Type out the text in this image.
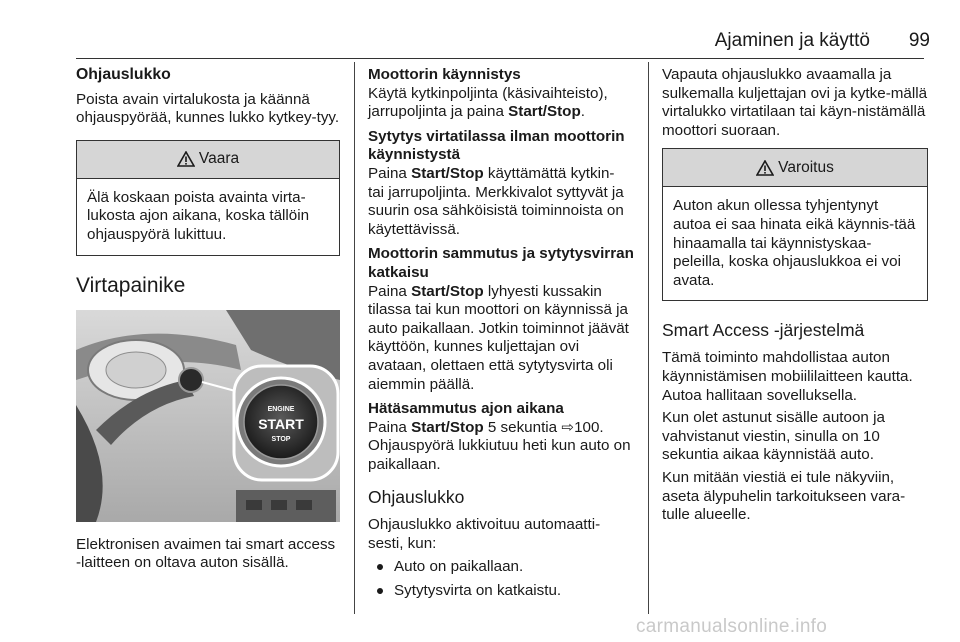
Ajaminen ja käyttö	99
Ohjauslukko

Poista avain virtalukosta ja käännä ohjauspyörää, kunnes lukko kytkey-tyy.

Vaara
Älä koskaan poista avainta virta-lukosta ajon aikana, koska tällöin ohjauspyörä lukittuu.
Virtapainike
ENGINE
START
STOP

Elektronisen avaimen tai smart access -laitteen on oltava auton sisällä.

Moottorin käynnistys

Käytä kytkinpoljinta (käsivaihteisto), jarrupoljinta ja paina Start/Stop.

Sytytys virtatilassa ilman moottorin käynnistystä

Paina Start/Stop käyttämättä kytkin- tai jarrupoljinta. Merkkivalot syttyvät ja suurin osa sähköisistä toiminnoista on käytettävissä.

Moottorin sammutus ja sytytysvirran katkaisu

Paina Start/Stop lyhyesti kussakin tilassa tai kun moottori on käynnissä ja auto paikallaan. Jotkin toiminnot jäävät käyttöön, kunnes kuljettajan ovi avataan, olettaen että sytytysvirta oli aiemmin päällä.

Hätäsammutus ajon aikana

Paina Start/Stop 5 sekuntia ⇨100. Ohjauspyörä lukkiutuu heti kun auto on paikallaan.

Ohjauslukko

Ohjauslukko aktivoituu automaatti-sesti, kun:

Auto on paikallaan.
Sytytysvirta on katkaistu.

Vapauta ohjauslukko avaamalla ja sulkemalla kuljettajan ovi ja kytke-mällä virtalukko virtatilaan tai käyn-nistämällä moottori suoraan.

Varoitus
Auton akun ollessa tyhjentynyt autoa ei saa hinata eikä käynnis-tää hinaamalla tai käynnistyskaa-peleilla, koska ohjauslukkoa ei voi avata.
Smart Access -järjestelmä

Tämä toiminto mahdollistaa auton käynnistämisen mobiililaitteen kautta. Autoa hallitaan sovelluksella.

Kun olet astunut sisälle autoon ja vahvistanut viestin, sinulla on 10 sekuntia aikaa käynnistää auto.

Kun mitään viestiä ei tule näkyviin, aseta älypuhelin tarkoitukseen vara-tulle alueelle.

carmanualsonline.info
